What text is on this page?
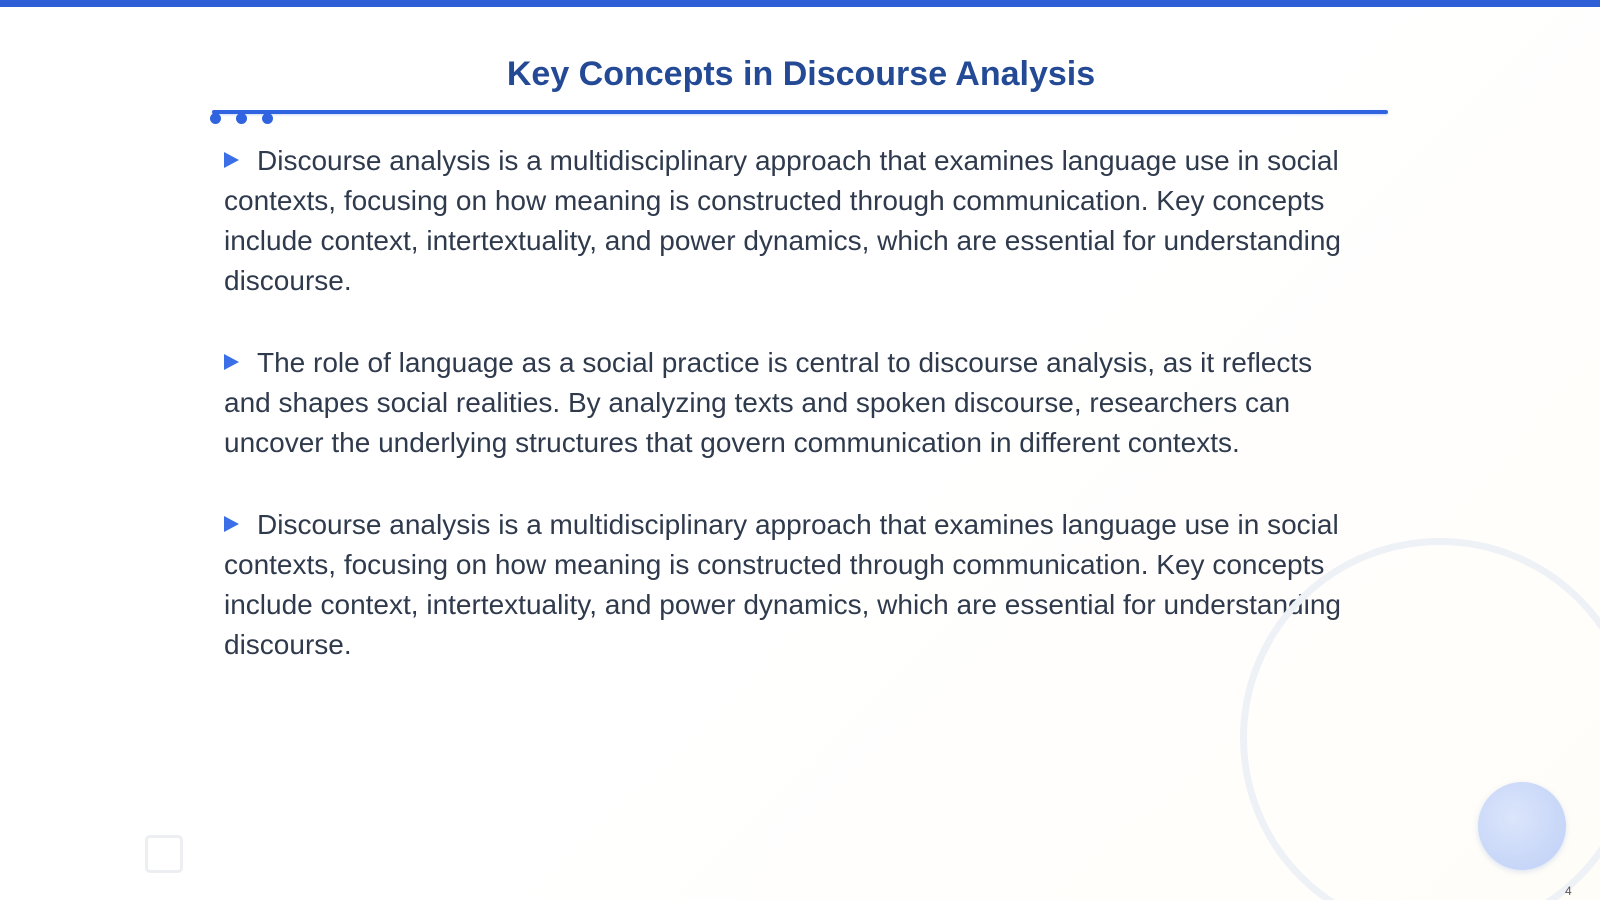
Key Concepts in Discourse Analysis

Discourse analysis is a multidisciplinary approach that examines language use in social contexts, focusing on how meaning is constructed through communication. Key concepts include context, intertextuality, and power dynamics, which are essential for understanding discourse.

The role of language as a social practice is central to discourse analysis, as it reflects and shapes social realities. By analyzing texts and spoken discourse, researchers can uncover the underlying structures that govern communication in different contexts.

Discourse analysis is a multidisciplinary approach that examines language use in social contexts, focusing on how meaning is constructed through communication. Key concepts include context, intertextuality, and power dynamics, which are essential for understanding discourse.

4
